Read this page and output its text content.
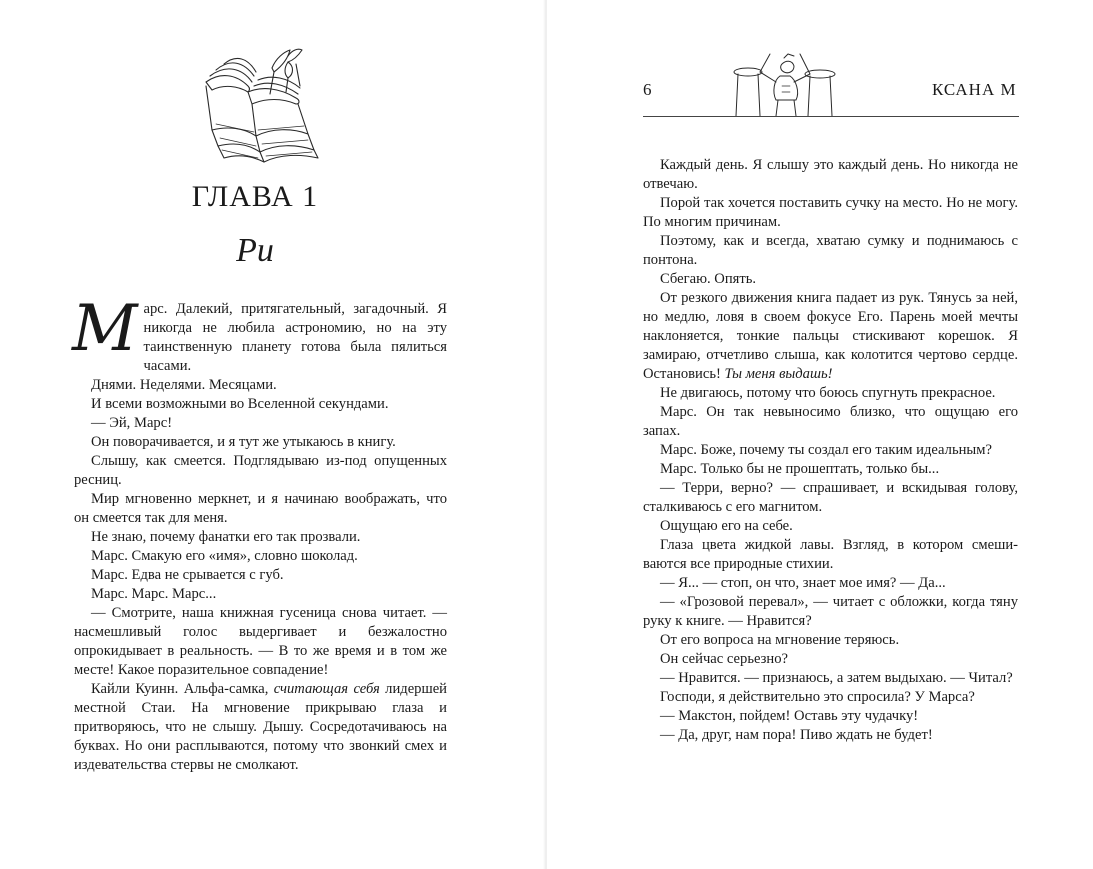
ГЛАВА 1
Ри

Марс. Далекий, притягательный, загадочный. Я никогда не любила астрономию, но на эту таинственную планету готова была пялиться часами.

Днями. Неделями. Месяцами.

И всеми возможными во Вселенной секундами.

— Эй, Марс!

Он поворачивается, и я тут же утыкаюсь в книгу.

Слышу, как смеется. Подглядываю из-под опущенных ресниц.

Мир мгновенно меркнет, и я начинаю воображать, что он смеется так для меня.

Не знаю, почему фанатки его так прозвали.

Марс. Смакую его «имя», словно шоколад.

Марс. Едва не срывается с губ.

Марс. Марс. Марс...

— Смотрите, наша книжная гусеница снова читает. — насмешливый голос выдергивает и безжалостно опрокидывает в реальность. — В то же время и в том же месте! Какое поразительное совпадение!

Кайли Куинн. Альфа-самка, считающая себя лидершей местной Стаи. На мгновение прикрываю глаза и притворяюсь, что не слышу. Дышу. Сосредотачиваюсь на буквах. Но они расплываются, потому что звонкий смех и издевательства стервы не смолкают.

6	КСАНА М

Каждый день. Я слышу это каждый день. Но никогда не отвечаю.

Порой так хочется поставить сучку на место. Но не могу. По многим причинам.

Поэтому, как и всегда, хватаю сумку и поднимаюсь с понтона.

Сбегаю. Опять.

От резкого движения книга падает из рук. Тянусь за ней, но медлю, ловя в своем фокусе Его. Парень моей мечты наклоняется, тонкие пальцы стискивают корешок. Я замираю, отчетливо слыша, как колотится чертово сердце. Остановись! Ты меня выдашь!

Не двигаюсь, потому что боюсь спугнуть прекрасное.

Марс. Он так невыносимо близко, что ощущаю его запах.

Марс. Боже, почему ты создал его таким идеальным?

Марс. Только бы не прошептать, только бы...

— Терри, верно? — спрашивает, и вскидывая голову, сталкиваюсь с его магнитом.

Ощущаю его на себе.

Глаза цвета жидкой лавы. Взгляд, в котором смешиваются все природные стихии.

— Я... — стоп, он что, знает мое имя? — Да...

— «Грозовой перевал», — читает с обложки, когда тяну руку к книге. — Нравится?

От его вопроса на мгновение теряюсь.

Он сейчас серьезно?

— Нравится. — признаюсь, а затем выдыхаю. — Читал?

Господи, я действительно это спросила? У Марса?

— Макстон, пойдем! Оставь эту чудачку!

— Да, друг, нам пора! Пиво ждать не будет!
